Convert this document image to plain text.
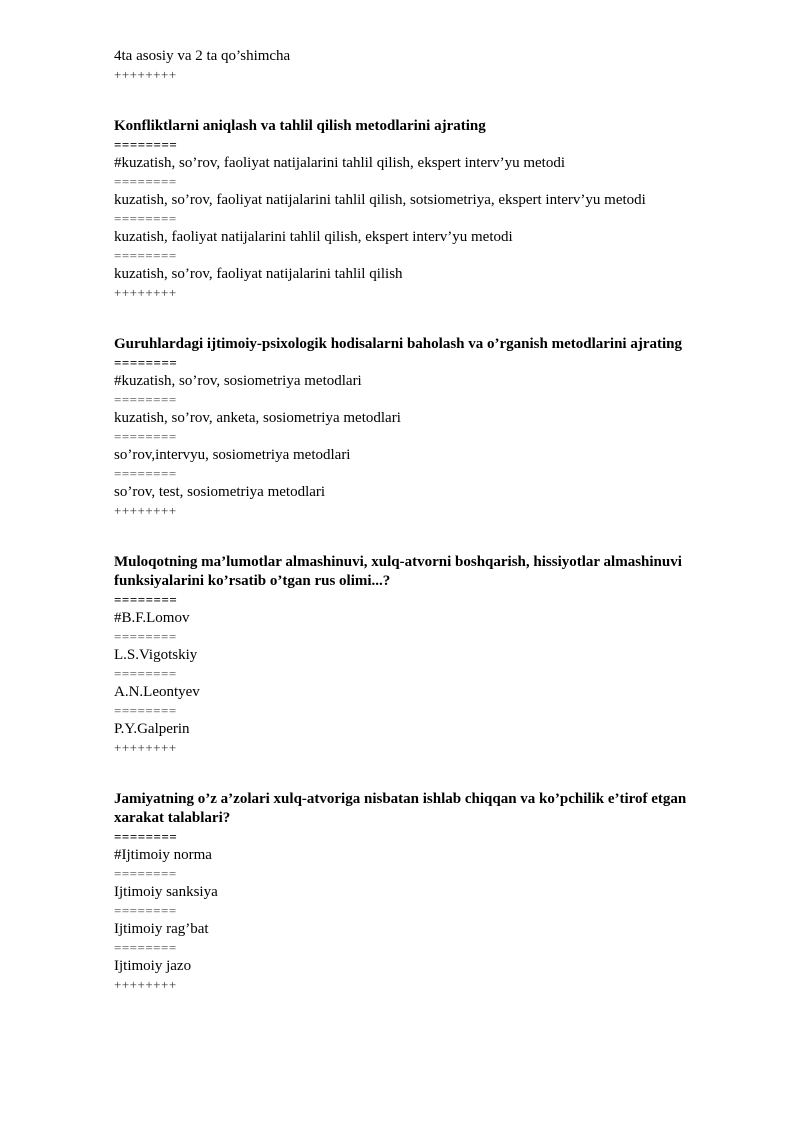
4ta asosiy va 2 ta qo’shimcha
++++++++
Konfliktlarni aniqlash va tahlil qilish metodlarini ajrating
========
#kuzatish, so’rov, faoliyat natijalarini tahlil qilish, ekspert interv’yu metodi
========
kuzatish, so’rov, faoliyat natijalarini tahlil qilish, sotsiometriya, ekspert interv’yu metodi
========
kuzatish, faoliyat natijalarini tahlil qilish, ekspert interv’yu metodi
========
kuzatish, so’rov, faoliyat natijalarini tahlil qilish
++++++++
Guruhlardagi ijtimoiy-psixologik hodisalarni baholash va o’rganish metodlarini ajrating
========
#kuzatish, so’rov, sosiometriya metodlari
========
kuzatish, so’rov, anketa, sosiometriya metodlari
========
so’rov,intervyu, sosiometriya metodlari
========
so’rov, test, sosiometriya metodlari
++++++++
Muloqotning ma’lumotlar almashinuvi, xulq-atvorni boshqarish, hissiyotlar almashinuvi funksiyalarini ko’rsatib o’tgan rus olimi...?
========
#B.F.Lomov
========
L.S.Vigotskiy
========
A.N.Leontyev
========
P.Y.Galperin
++++++++
Jamiyatning o’z a’zolari xulq-atvoriga nisbatan ishlab chiqqan va ko’pchilik e’tirof etgan xarakat talablari?
========
#Ijtimoiy norma
========
Ijtimoiy sanksiya
========
Ijtimoiy rag’bat
========
Ijtimoiy jazo
++++++++
